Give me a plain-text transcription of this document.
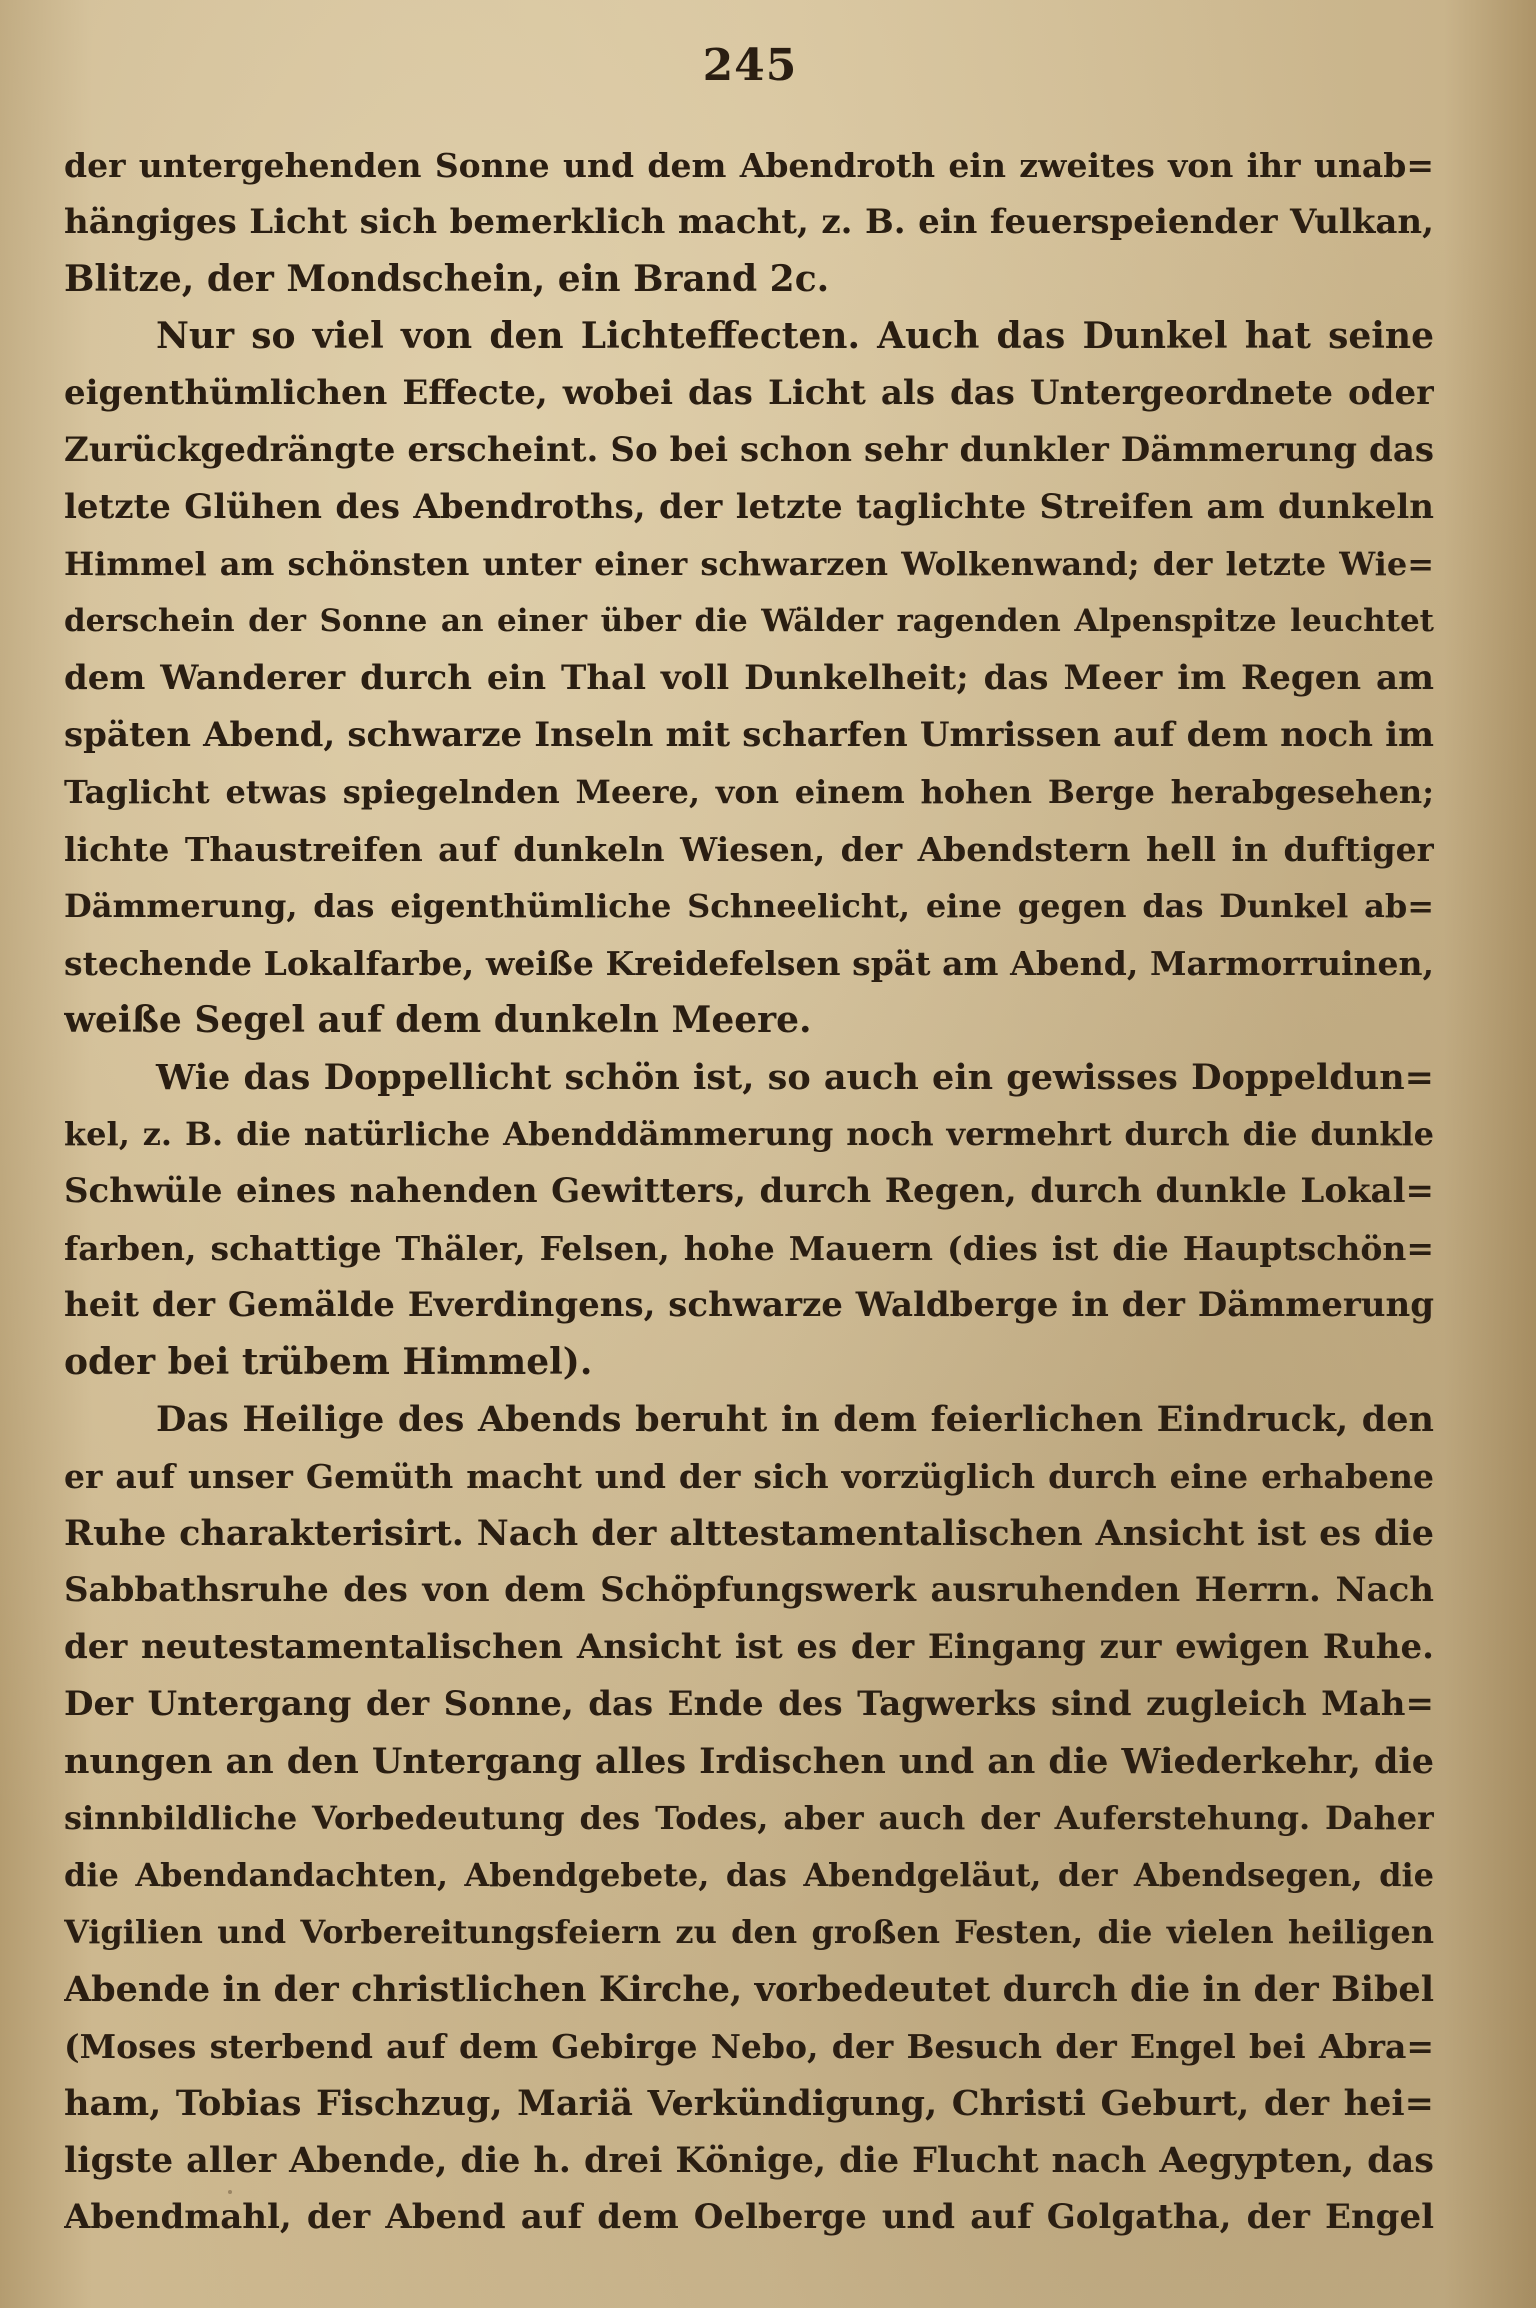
245
der untergehenden Sonne und dem Abendroth ein zweites von ihr unab=
hängiges Licht sich bemerklich macht, z. B. ein feuerspeiender Vulkan,
Blitze, der Mondschein, ein Brand 2c.
Nur so viel von den Lichteffecten. Auch das Dunkel hat seine
eigenthümlichen Effecte, wobei das Licht als das Untergeordnete oder
Zurückgedrängte erscheint. So bei schon sehr dunkler Dämmerung das
letzte Glühen des Abendroths, der letzte taglichte Streifen am dunkeln
Himmel am schönsten unter einer schwarzen Wolkenwand; der letzte Wie=
derschein der Sonne an einer über die Wälder ragenden Alpenspitze leuchtet
dem Wanderer durch ein Thal voll Dunkelheit; das Meer im Regen am
späten Abend, schwarze Inseln mit scharfen Umrissen auf dem noch im
Taglicht etwas spiegelnden Meere, von einem hohen Berge herabgesehen;
lichte Thaustreifen auf dunkeln Wiesen, der Abendstern hell in duftiger
Dämmerung, das eigenthümliche Schneelicht, eine gegen das Dunkel ab=
stechende Lokalfarbe, weiße Kreidefelsen spät am Abend, Marmorruinen,
weiße Segel auf dem dunkeln Meere.
Wie das Doppellicht schön ist, so auch ein gewisses Doppeldun=
kel, z. B. die natürliche Abenddämmerung noch vermehrt durch die dunkle
Schwüle eines nahenden Gewitters, durch Regen, durch dunkle Lokal=
farben, schattige Thäler, Felsen, hohe Mauern (dies ist die Hauptschön=
heit der Gemälde Everdingens, schwarze Waldberge in der Dämmerung
oder bei trübem Himmel).
Das Heilige des Abends beruht in dem feierlichen Eindruck, den
er auf unser Gemüth macht und der sich vorzüglich durch eine erhabene
Ruhe charakterisirt. Nach der alttestamentalischen Ansicht ist es die
Sabbathsruhe des von dem Schöpfungswerk ausruhenden Herrn. Nach
der neutestamentalischen Ansicht ist es der Eingang zur ewigen Ruhe.
Der Untergang der Sonne, das Ende des Tagwerks sind zugleich Mah=
nungen an den Untergang alles Irdischen und an die Wiederkehr, die
sinnbildliche Vorbedeutung des Todes, aber auch der Auferstehung. Daher
die Abendandachten, Abendgebete, das Abendgeläut, der Abendsegen, die
Vigilien und Vorbereitungsfeiern zu den großen Festen, die vielen heiligen
Abende in der christlichen Kirche, vorbedeutet durch die in der Bibel
(Moses sterbend auf dem Gebirge Nebo, der Besuch der Engel bei Abra=
ham, Tobias Fischzug, Mariä Verkündigung, Christi Geburt, der hei=
ligste aller Abende, die h. drei Könige, die Flucht nach Aegypten, das
Abendmahl, der Abend auf dem Oelberge und auf Golgatha, der Engel
